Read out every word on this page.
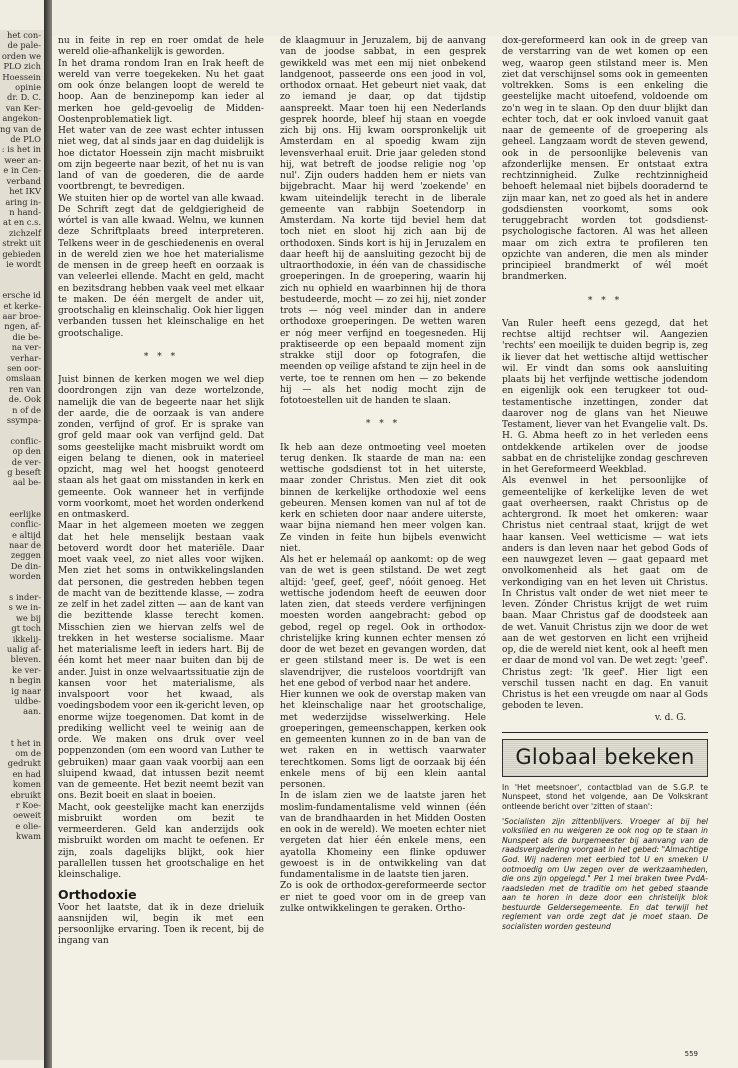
het con-
de pale-
orden we
PLO zich
Hoessein
opinie
dr. D. C.
van Ker-
angekon-
ng van de
de PLO
: is het in
weer an-
e in Cen-
verband
het IKV
aring in-
n hand-
at en c.s.
zichzelf
strekt uit
gebieden
ie wordt

ersche id
et kerke-
aar broe-
ngen, af-
die be-
na ver-
verhar-
sen oor-
omslaan
ren van
de. Ook
n of de
ssympa-

conflic-
op den
de ver-
g beseft
aal be-

eerlijke
conflic-
e altijd
naar de
zeggen
De din-
worden

s inder-
s we in-
we bij
gt toch
ikkelij-
ualig af-
bleven.
ke ver-
n begin
ig naar
uldbe-
aan.

t het in
om de
gedrukt
en had
komen
ebruikt
r Koe-
oeweit
e olie-
kwam

nu in feite in rep en roer omdat de hele wereld olie-afhankelijk is geworden.

In het drama rondom Iran en Irak heeft de wereld van verre toegekeken. Nu het gaat om ook ónze belangen loopt de wereld te hoop. Aan de benzinepomp kan ieder al merken hoe geld-gevoelig de Midden-Oostenproblematiek ligt.

Het water van de zee wast echter intussen niet weg, dat al sinds jaar en dag duidelijk is hoe dictator Hoessein zijn macht misbruikt om zijn begeerte naar bezit, of het nu is van land of van de goederen, die de aarde voortbrengt, te bevredigen.

We stuiten hier op de wortel van alle kwaad. De Schrift zegt dat de geldgierigheid de wórtel is van alle kwaad. Welnu, we kunnen deze Schriftplaats breed interpreteren. Telkens weer in de geschiedenenis en overal in de wereld zien we hoe het materialisme de mensen in de greep heeft en oorzaak is van veleerlei ellende. Macht en geld, macht en bezitsdrang hebben vaak veel met elkaar te maken. De één mergelt de ander uit, grootschalig en kleinschalig. Ook hier liggen verbanden tussen het kleinschalige en het grootschalige.

* * *

Juist binnen de kerken mogen we wel diep doordrongen zijn van deze wortelzonde, namelijk die van de begeerte naar het slijk der aarde, die de oorzaak is van andere zonden, verfijnd of grof. Er is sprake van grof geld maar ook van verfijnd geld. Dat soms geestelijke macht misbruikt wordt om eigen belang te dienen, ook in materieel opzicht, mag wel het hoogst genoteerd staan als het gaat om misstanden in kerk en gemeente. Ook wanneer het in verfijnde vorm voorkomt, moet het worden onderkend en ontmaskerd.

Maar in het algemeen moeten we zeggen dat het hele menselijk bestaan vaak betoverd wordt door het materiële. Daar moet vaak veel, zo niet alles voor wijken. Men ziet het soms in ontwikkelingslanden dat personen, die gestreden hebben tegen de macht van de bezittende klasse, — zodra ze zelf in het zadel zitten — aan de kant van die bezittende klasse terecht komen. Misschien zien we hiervan zelfs wel de trekken in het westerse socialisme. Maar het materialisme leeft in ieders hart. Bij de één komt het meer naar buiten dan bij de ander. Juist in onze welvaartssituatie zijn de kansen voor het materialisme, als invalspoort voor het kwaad, als voedingsbodem voor een ik-gericht leven, op enorme wijze toegenomen. Dat komt in de prediking wellicht veel te weinig aan de orde. We maken ons druk over veel poppenzonden (om een woord van Luther te gebruiken) maar gaan vaak voorbij aan een sluipend kwaad, dat intussen bezit neemt van de gemeente. Het bezit neemt bezit van ons. Bezit boeit en slaat in boeien.

Macht, ook geestelijke macht kan enerzijds misbruikt worden om bezit te vermeerderen. Geld kan anderzijds ook misbruikt worden om macht te oefenen. Er zijn, zoals dagelijks blijkt, ook hier parallellen tussen het grootschalige en het kleinschalige.

Orthodoxie

Voor het laatste, dat ik in deze drieluik aansnijden wil, begin ik met een persoonlijke ervaring. Toen ik recent, bij de ingang van

de klaagmuur in Jeruzalem, bij de aanvang van de joodse sabbat, in een gesprek gewikkeld was met een mij niet onbekend landgenoot, passeerde ons een jood in vol, orthodox ornaat. Het gebeurt niet vaak, dat zo iemand je daar, op dat tijdstip aanspreekt. Maar toen hij een Nederlands gesprek hoorde, bleef hij staan en voegde zich bij ons. Hij kwam oorspronkelijk uit Amsterdam en al spoedig kwam zijn levensverhaal eruit. Drie jaar geleden stond hij, wat betreft de joodse religie nog 'op nul'. Zijn ouders hadden hem er niets van bijgebracht. Maar hij werd 'zoekende' en kwam uiteindelijk terecht in de liberale gemeente van rabbijn Soetendorp in Amsterdam. Na korte tijd beviel hem dat toch niet en sloot hij zich aan bij de orthodoxen. Sinds kort is hij in Jeruzalem en daar heeft hij de aansluiting gezocht bij de ultraorthodoxie, in één van de chassidische groeperingen. In de groepering, waarin hij zich nu ophield en waarbinnen hij de thora bestudeerde, mocht — zo zei hij, niet zonder trots — nóg veel minder dan in andere orthodoxe groeperingen. De wetten waren er nóg meer verfijnd en toegesneden. Hij praktiseerde op een bepaald moment zijn strakke stijl door op fotografen, die meenden op veilige afstand te zijn heel in de verte, toe te rennen om hen — zo bekende hij — als het nodig mocht zijn de fototoestellen uit de handen te slaan.

* * *

Ik heb aan deze ontmoeting veel moeten terug denken. Ik staarde de man na: een wettische godsdienst tot in het uiterste, maar zonder Christus. Men ziet dit ook binnen de kerkelijke orthodoxie wel eens gebeuren. Mensen komen van nul af tot de kerk en schieten door naar andere uiterste, waar bijna niemand hen meer volgen kan. Ze vinden in feite hun bijbels evenwicht niet.

Als het er helemaál op aankomt: op de weg van de wet is geen stilstand. De wet zegt altijd: 'geef, geef, geef', nóóit genoeg. Het wettische jodendom heeft de eeuwen door laten zien, dat steeds verdere verfijningen moesten worden aangebracht: gebod op gebod, regel op regel. Ook in orthodox-christelijke kring kunnen echter mensen zó door de wet bezet en gevangen worden, dat er geen stilstand meer is. De wet is een slavendrijver, die rusteloos voortdrijft van het ene gebod of verbod naar het andere.

Hier kunnen we ook de overstap maken van het kleinschalige naar het grootschalige, met wederzijdse wisselwerking. Hele groeperingen, gemeenschappen, kerken ook en gemeenten kunnen zo in de ban van de wet raken en in wettisch vaarwater terechtkomen. Soms ligt de oorzaak bij één enkele mens of bij een klein aantal personen.

In de islam zien we de laatste jaren het moslim-fundamentalisme veld winnen (één van de brandhaarden in het Midden Oosten en ook in de wereld). We moeten echter niet vergeten dat hier één enkele mens, een ayatolla Khomeiny een flinke opduwer gewoest is in de ontwikkeling van dat fundamentalisme in de laatste tien jaren.

Zo is ook de orthodox-gereformeerde sector er niet te goed voor om in de greep van zulke ontwikkelingen te geraken. Ortho-

dox-gereformeerd kan ook in de greep van de verstarring van de wet komen op een weg, waarop geen stilstand meer is. Men ziet dat verschijnsel soms ook in gemeenten voltrekken. Soms is een enkeling die geestelijke macht uitoefend, voldoende om zo'n weg in te slaan. Op den duur blijkt dan echter toch, dat er ook invloed vanuit gaat naar de gemeente of de groepering als geheel. Langzaam wordt de steven gewend, ook in de persoonlijke belevenis van afzonderlijke mensen. Er ontstaat extra rechtzinnigheid. Zulke rechtzinnigheid behoeft helemaal niet bijbels dooradernd te zijn maar kan, net zo goed als het in andere godsdiensten voorkomt, soms ook teruggebracht worden tot godsdienst-psychologische factoren. Al was het alleen maar om zich extra te profileren ten opzichte van anderen, die men als minder principieel brandmerkt of wél moét brandmerken.

* * *

Van Ruler heeft eens gezegd, dat het rechtse altijd rechtser wil. Aangezien 'rechts' een moeilijk te duiden begrip is, zeg ik liever dat het wettische altijd wettischer wil. Er vindt dan soms ook aansluiting plaats bij het verfijnde wettische jodendom en eigenlijk ook een terugkeer tot oud-testamentische inzettingen, zonder dat daarover nog de glans van het Nieuwe Testament, liever van het Evangelie valt. Ds. H. G. Abma heeft zo in het verleden eens ontdekkende artikelen over de joodse sabbat en de christelijke zondag geschreven in het Gereformeerd Weekblad.

Als evenwel in het persoonlijke of gemeentelijke of kerkelijke leven de wet gaat overheersen, raakt Christus op de achtergrond. Ik moet het omkeren: waar Christus niet centraal staat, krijgt de wet haar kansen. Veel wetticisme — wat iets anders is dan leven naar het gebod Gods of een nauwgezet leven — gaat gepaard met onvolkomenheid als het gaat om de verkondiging van en het leven uit Christus. In Christus valt onder de wet niet meer te leven. Zónder Christus krijgt de wet ruim baan. Maar Christus gaf de doodsteek aan de wet. Vanuit Christus zijn we door de wet aan de wet gestorven en licht een vrijheid op, die de wereld niet kent, ook al heeft men er daar de mond vol van. De wet zegt: 'geef'. Christus zegt: 'Ik geef'. Hier ligt een verschil tussen nacht en dag. En vanuit Christus is het een vreugde om naar al Gods geboden te leven.

v. d. G.
Globaal bekeken
In 'Het meetsnoer', contactblad van de S.G.P. te Nunspeet, stond het volgende, aan De Volkskrant ontleende bericht over 'zitten of staan':
'Socialisten zijn zittenblijvers. Vroeger al bij hel volksliied en nu weigeren ze ook nog op te staan in Nunspeet als de burgemeester bij aanvang van de raadsvergadering voorgaat in het gebed: "Almachtige God. Wij naderen met eerbied tot U en smeken U ootmoedig om Uw zegen over de werkzaamheden, die ons zijn opgelegd." Per 1 mei braken twee PvdA-raadsleden met de traditie om het gebed staande aan te horen in deze door een christelijk blok bestuurde Geldersegemeente. En dat terwijl het reglement van orde zegt dat je moet staan. De socialisten worden gesteund
559
